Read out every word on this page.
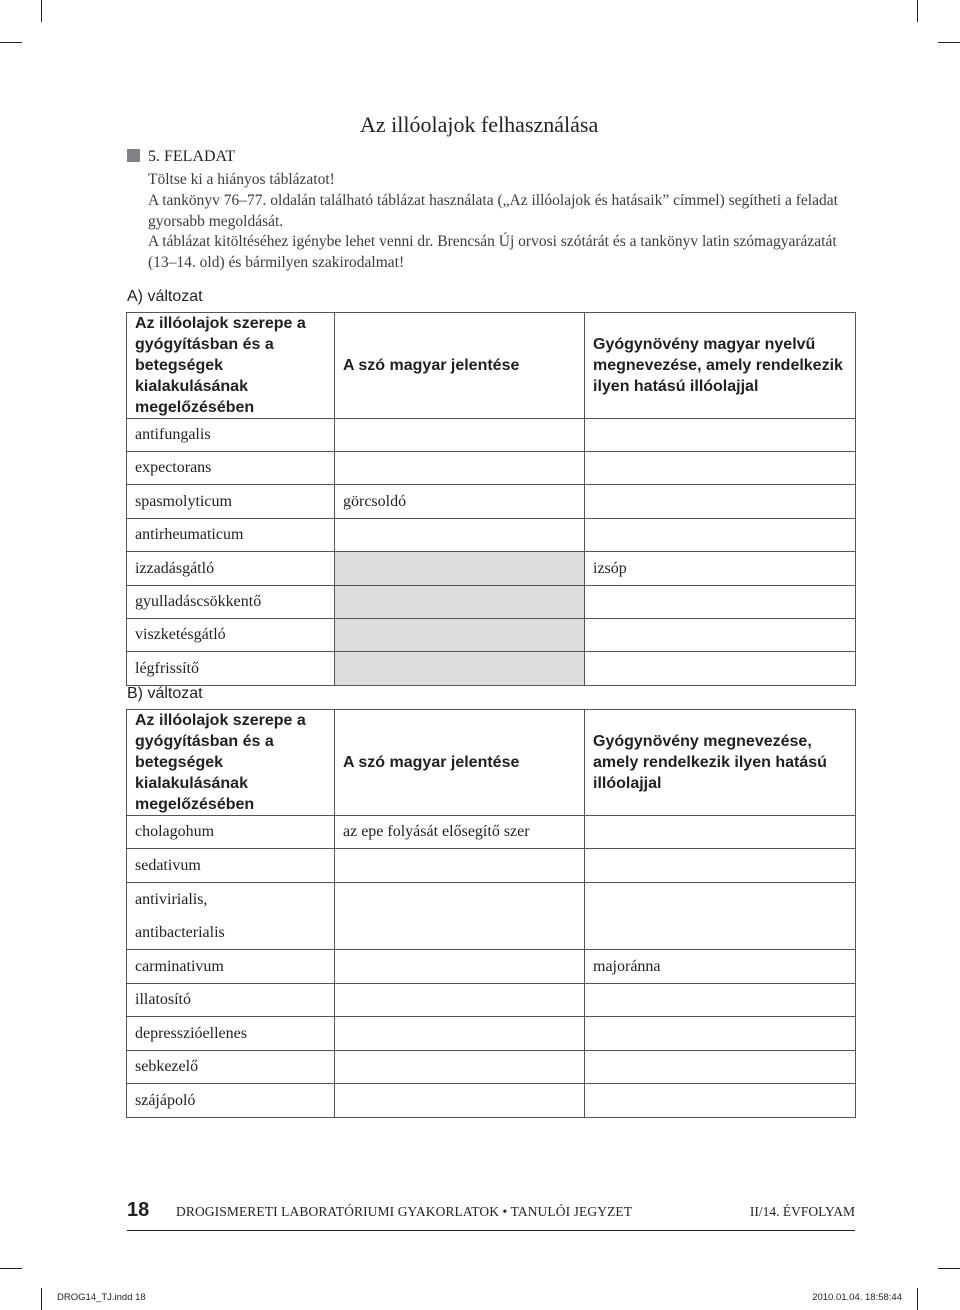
Az illóolajok felhasználása
5. FELADAT

Töltse ki a hiányos táblázatot!

A tankönyv 76–77. oldalán található táblázat használata („Az illóolajok és hatásaik” címmel) segítheti a feladat gyorsabb megoldását.

A táblázat kitöltéséhez igénybe lehet venni dr. Brencsán Új orvosi szótárát és a tankönyv latin szómagyarázatát (13–14. old) és bármilyen szakirodalmat!

A) változat
Az illóolajok szerepe a gyógyításban és a betegségek kialakulásának megelőzésében	A szó magyar jelentése	Gyógynövény magyar nyelvű megnevezése, amely rendelkezik ilyen hatású illóolajjal
antifungalis		
expectorans		
spasmolyticum	görcsoldó	
antirheumaticum		
izzadásgátló		izsóp
gyulladáscsökkentő		
viszketésgátló		
légfrissítő		
B) változat
Az illóolajok szerepe a gyógyításban és a betegségek kialakulásának megelőzésében	A szó magyar jelentése	Gyógynövény megnevezése, amely rendelkezik ilyen hatású illóolajjal
cholagohum	az epe folyását elősegítő szer	
sedativum		

antivirialis,
antibacterialis		

carminativum		majoránna
illatosító		
depresszióellenes		
sebkezelő		
szájápoló		
18 DROGISMERETI LABORATÓRIUMI GYAKORLATOK • TANULÓI JEGYZET	II/14. ÉVFOLYAM
DROG14_TJ.indd 18	2010.01.04. 18:58:44
